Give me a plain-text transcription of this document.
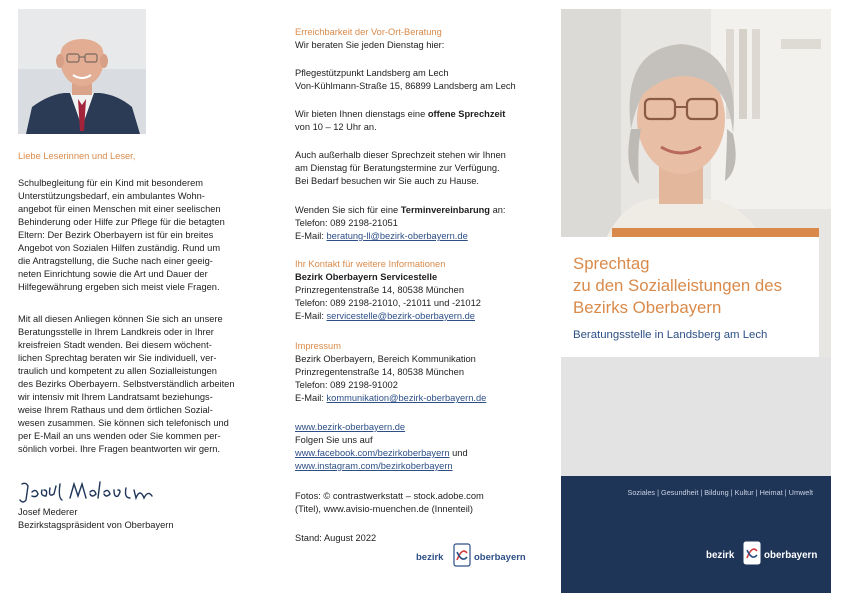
Liebe Leserinnen und Leser,
Schulbegleitung für ein Kind mit besonderem
Unterstützungsbedarf, ein ambulantes Wohn-
angebot für einen Menschen mit einer seelischen
Behinderung oder Hilfe zur Pflege für die betagten
Eltern: Der Bezirk Oberbayern ist für ein breites
Angebot von Sozialen Hilfen zuständig. Rund um
die Antragstellung, die Suche nach einer geeig-
neten Einrichtung sowie die Art und Dauer der
Hilfegewährung ergeben sich meist viele Fragen.
Mit all diesen Anliegen können Sie sich an unsere
Beratungsstelle in Ihrem Landkreis oder in Ihrer
kreisfreien Stadt wenden. Bei diesem wöchent-
lichen Sprechtag beraten wir Sie individuell, ver-
traulich und kompetent zu allen Sozialleistungen
des Bezirks Oberbayern. Selbstverständlich arbeiten
wir intensiv mit Ihrem Landratsamt beziehungs-
weise Ihrem Rathaus und dem örtlichen Sozial-
wesen zusammen. Sie können sich telefonisch und
per E-Mail an uns wenden oder Sie kommen per-
sönlich vorbei. Ihre Fragen beantworten wir gern.
Josef Mederer
Bezirkstagspräsident von Oberbayern
Erreichbarkeit der Vor-Ort-Beratung
Wir beraten Sie jeden Dienstag hier:
Pflegestützpunkt Landsberg am Lech
Von-Kühlmann-Straße 15, 86899 Landsberg am Lech
Wir bieten Ihnen dienstags eine offene Sprechzeit
von 10 – 12 Uhr an.
Auch außerhalb dieser Sprechzeit stehen wir Ihnen
am Dienstag für Beratungstermine zur Verfügung.
Bei Bedarf besuchen wir Sie auch zu Hause.
Wenden Sie sich für eine Terminvereinbarung an:
Telefon: 089 2198-21051
E-Mail: beratung-ll@bezirk-oberbayern.de
Ihr Kontakt für weitere Informationen
Bezirk Oberbayern Servicestelle
Prinzregentenstraße 14, 80538 München
Telefon: 089 2198-21010, -21011 und -21012
E-Mail: servicestelle@bezirk-oberbayern.de
Impressum
Bezirk Oberbayern, Bereich Kommunikation
Prinzregentenstraße 14, 80538 München
Telefon: 089 2198-91002
E-Mail: kommunikation@bezirk-oberbayern.de
www.bezirk-oberbayern.de
Folgen Sie uns auf
www.facebook.com/bezirkoberbayern und
www.instagram.com/bezirkoberbayern
Fotos: © contrastwerkstatt – stock.adobe.com
(Titel), www.avisio-muenchen.de (Innenteil)
Stand: August 2022
bezirk	oberbayern
Sprechtag
zu den Sozialleistungen des
Bezirks Oberbayern
Beratungsstelle in Landsberg am Lech
Soziales | Gesundheit | Bildung | Kultur | Heimat | Umwelt
bezirk	oberbayern
